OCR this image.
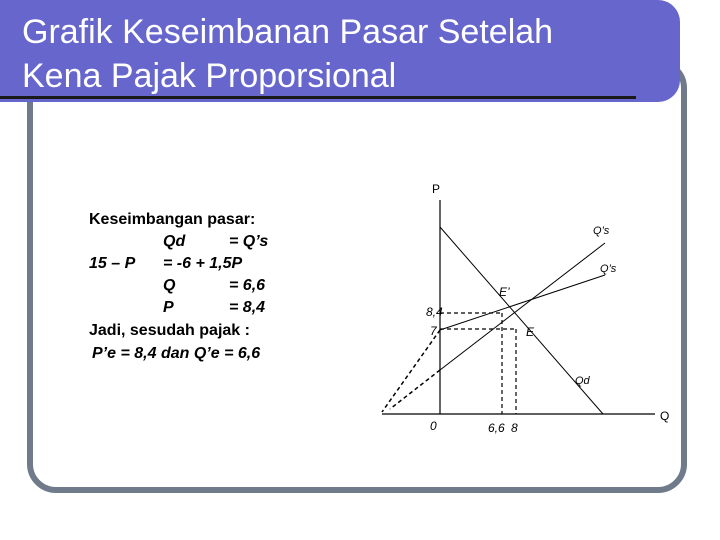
Grafik Keseimbanan Pasar Setelah
Kena Pajak Proporsional
Keseimbangan pasar:
Qd	= Q’s
15 – P = -6 + 1,5P
Q	= 6,6
P	= 8,4
Jadi, sesudah pajak :
P’e = 8,4 dan Q’e = 6,6
P
Q
0
Q’s
Q’s
Qd
E’
E
8,4
7
6,6 8
